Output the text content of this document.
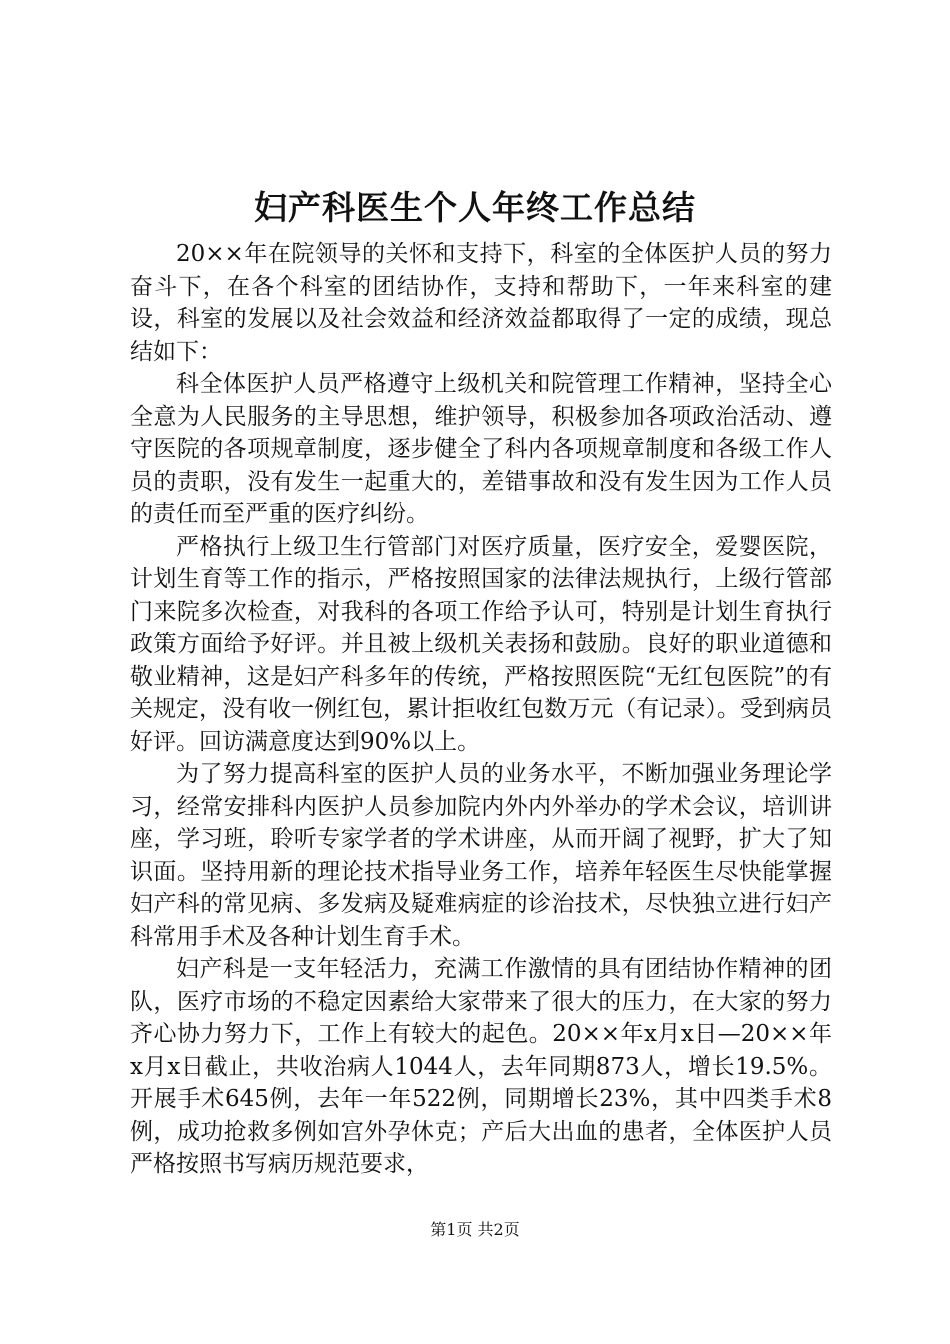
妇产科医生个人年终工作总结

20××年在院领导的关怀和支持下，科室的全体医护人员的努力奋斗下，在各个科室的团结协作，支持和帮助下，一年来科室的建设，科室的发展以及社会效益和经济效益都取得了一定的成绩，现总结如下：

科全体医护人员严格遵守上级机关和院管理工作精神，坚持全心全意为人民服务的主导思想，维护领导，积极参加各项政治活动、遵守医院的各项规章制度，逐步健全了科内各项规章制度和各级工作人员的责职，没有发生一起重大的，差错事故和没有发生因为工作人员的责任而至严重的医疗纠纷。

严格执行上级卫生行管部门对医疗质量，医疗安全，爱婴医院，计划生育等工作的指示，严格按照国家的法律法规执行，上级行管部门来院多次检查，对我科的各项工作给予认可，特别是计划生育执行政策方面给予好评。并且被上级机关表扬和鼓励。良好的职业道德和敬业精神，这是妇产科多年的传统，严格按照医院“无红包医院”的有关规定，没有收一例红包，累计拒收红包数万元（有记录）。受到病员好评。回访满意度达到90%以上。

为了努力提高科室的医护人员的业务水平，不断加强业务理论学习，经常安排科内医护人员参加院内外内外举办的学术会议，培训讲座，学习班，聆听专家学者的学术讲座，从而开阔了视野，扩大了知识面。坚持用新的理论技术指导业务工作，培养年轻医生尽快能掌握妇产科的常见病、多发病及疑难病症的诊治技术，尽快独立进行妇产科常用手术及各种计划生育手术。

妇产科是一支年轻活力，充满工作激情的具有团结协作精神的团队，医疗市场的不稳定因素给大家带来了很大的压力，在大家的努力齐心协力努力下，工作上有较大的起色。20××年x月x日—20××年x月x日截止，共收治病人1044人，去年同期873人，增长19.5%。开展手术645例，去年一年522例，同期增长23%，其中四类手术8例，成功抢救多例如宫外孕休克；产后大出血的患者，全体医护人员严格按照书写病历规范要求，

第1页 共2页
